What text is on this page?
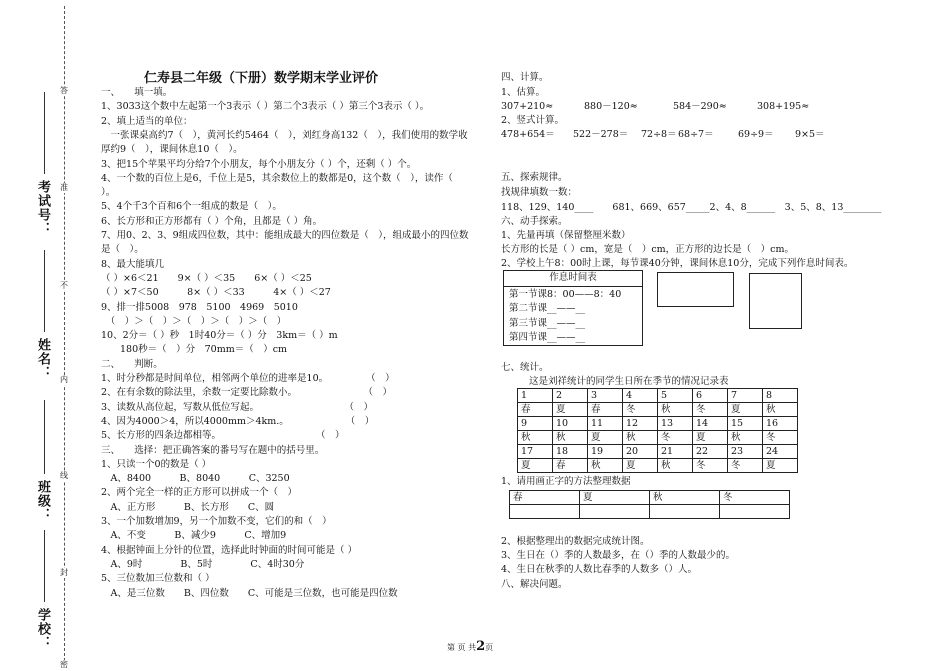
答
准
不
内
线
封
密
考试号：
姓名：
班级：
学校：
仁寿县二年级（下册）数学期末学业评价
一、　　填一填。
1、3033这个数中左起第一个3表示（ ）第二个3表示（ ）第三个3表示（ ）。
2、填上适当的单位：
　一张课桌高约7（　），黄河长约5464（　），刘红身高132（　），我们使用的数学收
厚约9（　），课间休息10（　）。
3、把15个苹果平均分给7个小朋友，每个小朋友分（ ）个，还剩（ ）个。
4、一个数的百位上是6，千位上是5，其余数位上的数都是0，这个数（　），读作（
）。
5、4个千3个百和6个一组成的数是（　）。
6、长方形和正方形都有（ ）个角，且都是（ ）角。
7、用0、2、3、9组成四位数，其中：能组成最大的四位数是（　），组成最小的四位数
是（　）。
8、最大能填几
（ ）×6＜21　　9×（ ）＜35　　6×（ ）＜25
（ ）×7＜50　　　8×（ ）＜33　　　4×（ ）＜27
9、排一排5008　978　5100　4969　5010
　（　）＞（　）＞（　）＞（　）＞（　）
10、2分＝（ ）秒　1时40分＝（ ）分　3km＝（ ）m
　　180秒＝（　）分　70mm＝（　）cm
二、　　判断。
1、时分秒都是时间单位，相邻两个单位的进率是10。　　　　　（　）
2、在有余数的除法里，余数一定要比除数小。　　　　　　　　（　）
3、读数从高位起，写数从低位写起。　　　　　　　　　　（　）
4、因为4000＞4，所以4000mm＞4km.。　　　　　　　（　）
5、长方形的四条边都相等。　　　　　　　　　　　（　）
三、　　选择：把正确答案的番号写在题中的括号里。
1、只读一个0的数是（ ）
　A、8400　　　B、8040　　　C、3250
2、两个完全一样的正方形可以拼成一个（　）
　A、正方形　　　B、长方形　　C、圆
3、一个加数增加9，另一个加数不变，它们的和（　）
　A、不变　　　B、减少9　　　C、增加9
4、根据钟面上分针的位置，选择此时钟面的时间可能是（ ）
　A、9时　　　　B、5时　　　　C、4时30分
5、三位数加三位数和（ ）
　A、是三位数　　B、四位数　　C、可能是三位数，也可能是四位数
四、计算。
1、估算。
307+210≈	880－120≈	584－290≈	308+195≈
2、竖式计算。
478+654＝ 522－278＝ 72÷8＝ 68÷7＝	69÷9＝ 9×5＝
五、探索规律。
找规律填数一数：
118、129、140____　　681、669、657_____2、4、8______　3、5、8、13________
六、动手探索。
1、先量再填（保留整厘米数）
长方形的长是（ ）cm，宽是（　）cm，正方形的边长是（　）cm。
2、学校上午8：00时上课，每节课40分钟，课间休息10分，完成下列作息时间表。
作息时间表
第一节课8：00——8：40
第二节课__——__
第三节课__——__
第四节课__——__
七、统计。
这是刘祥统计的同学生日所在季节的情况记录表
1	2	3	4	5	6	7	8
春	夏	春	冬	秋	冬	夏	秋
9	10	11	12	13	14	15	16
秋	秋	夏	秋	冬	夏	秋	冬
17	18	19	20	21	22	23	24
夏	春	秋	夏	秋	冬	冬	夏
1、请用画正字的方法整理数据
春	夏	秋	冬

2、根据整理出的数据完成统计图。
3、生日在（）季的人数最多，在（）季的人数最少的。
4、生日在秋季的人数比春季的人数多（）人。
八、解决问题。
第 页 共2页
